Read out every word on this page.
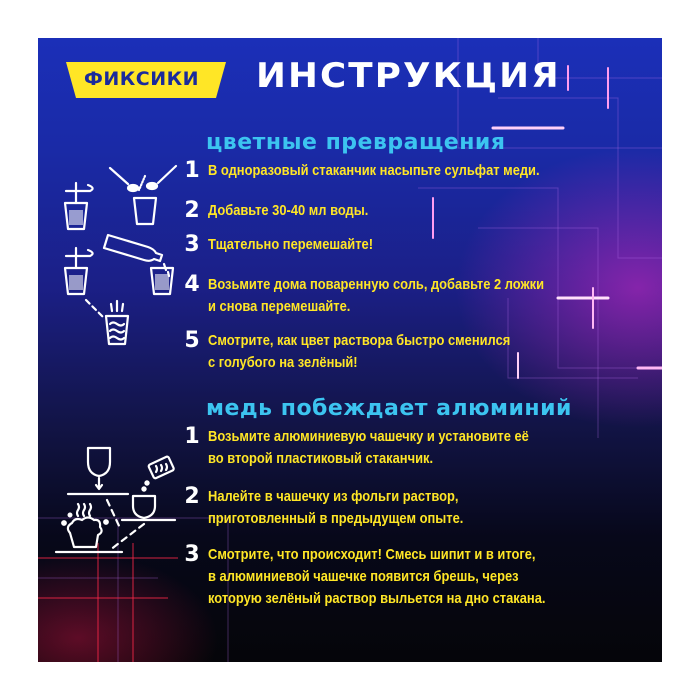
ФИКСИКИ ИНСТРУКЦИЯ
цветные превращения
1 В одноразовый стаканчик насыпьте сульфат меди.
2 Добавьте 30-40 мл воды.
3 Тщательно перемешайте!
4 Возьмите дома поваренную соль, добавьте 2 ложки
и снова перемешайте.
5 Смотрите, как цвет раствора быстро сменился
с голубого на зелёный!
медь побеждает алюминий
1 Возьмите алюминиевую чашечку и установите её
во второй пластиковый стаканчик.
2 Налейте в чашечку из фольги раствор,
приготовленный в предыдущем опыте.
3 Смотрите, что происходит! Смесь шипит и в итоге,
в алюминиевой чашечке появится брешь, через
которую зелёный раствор выльется на дно стакана.
